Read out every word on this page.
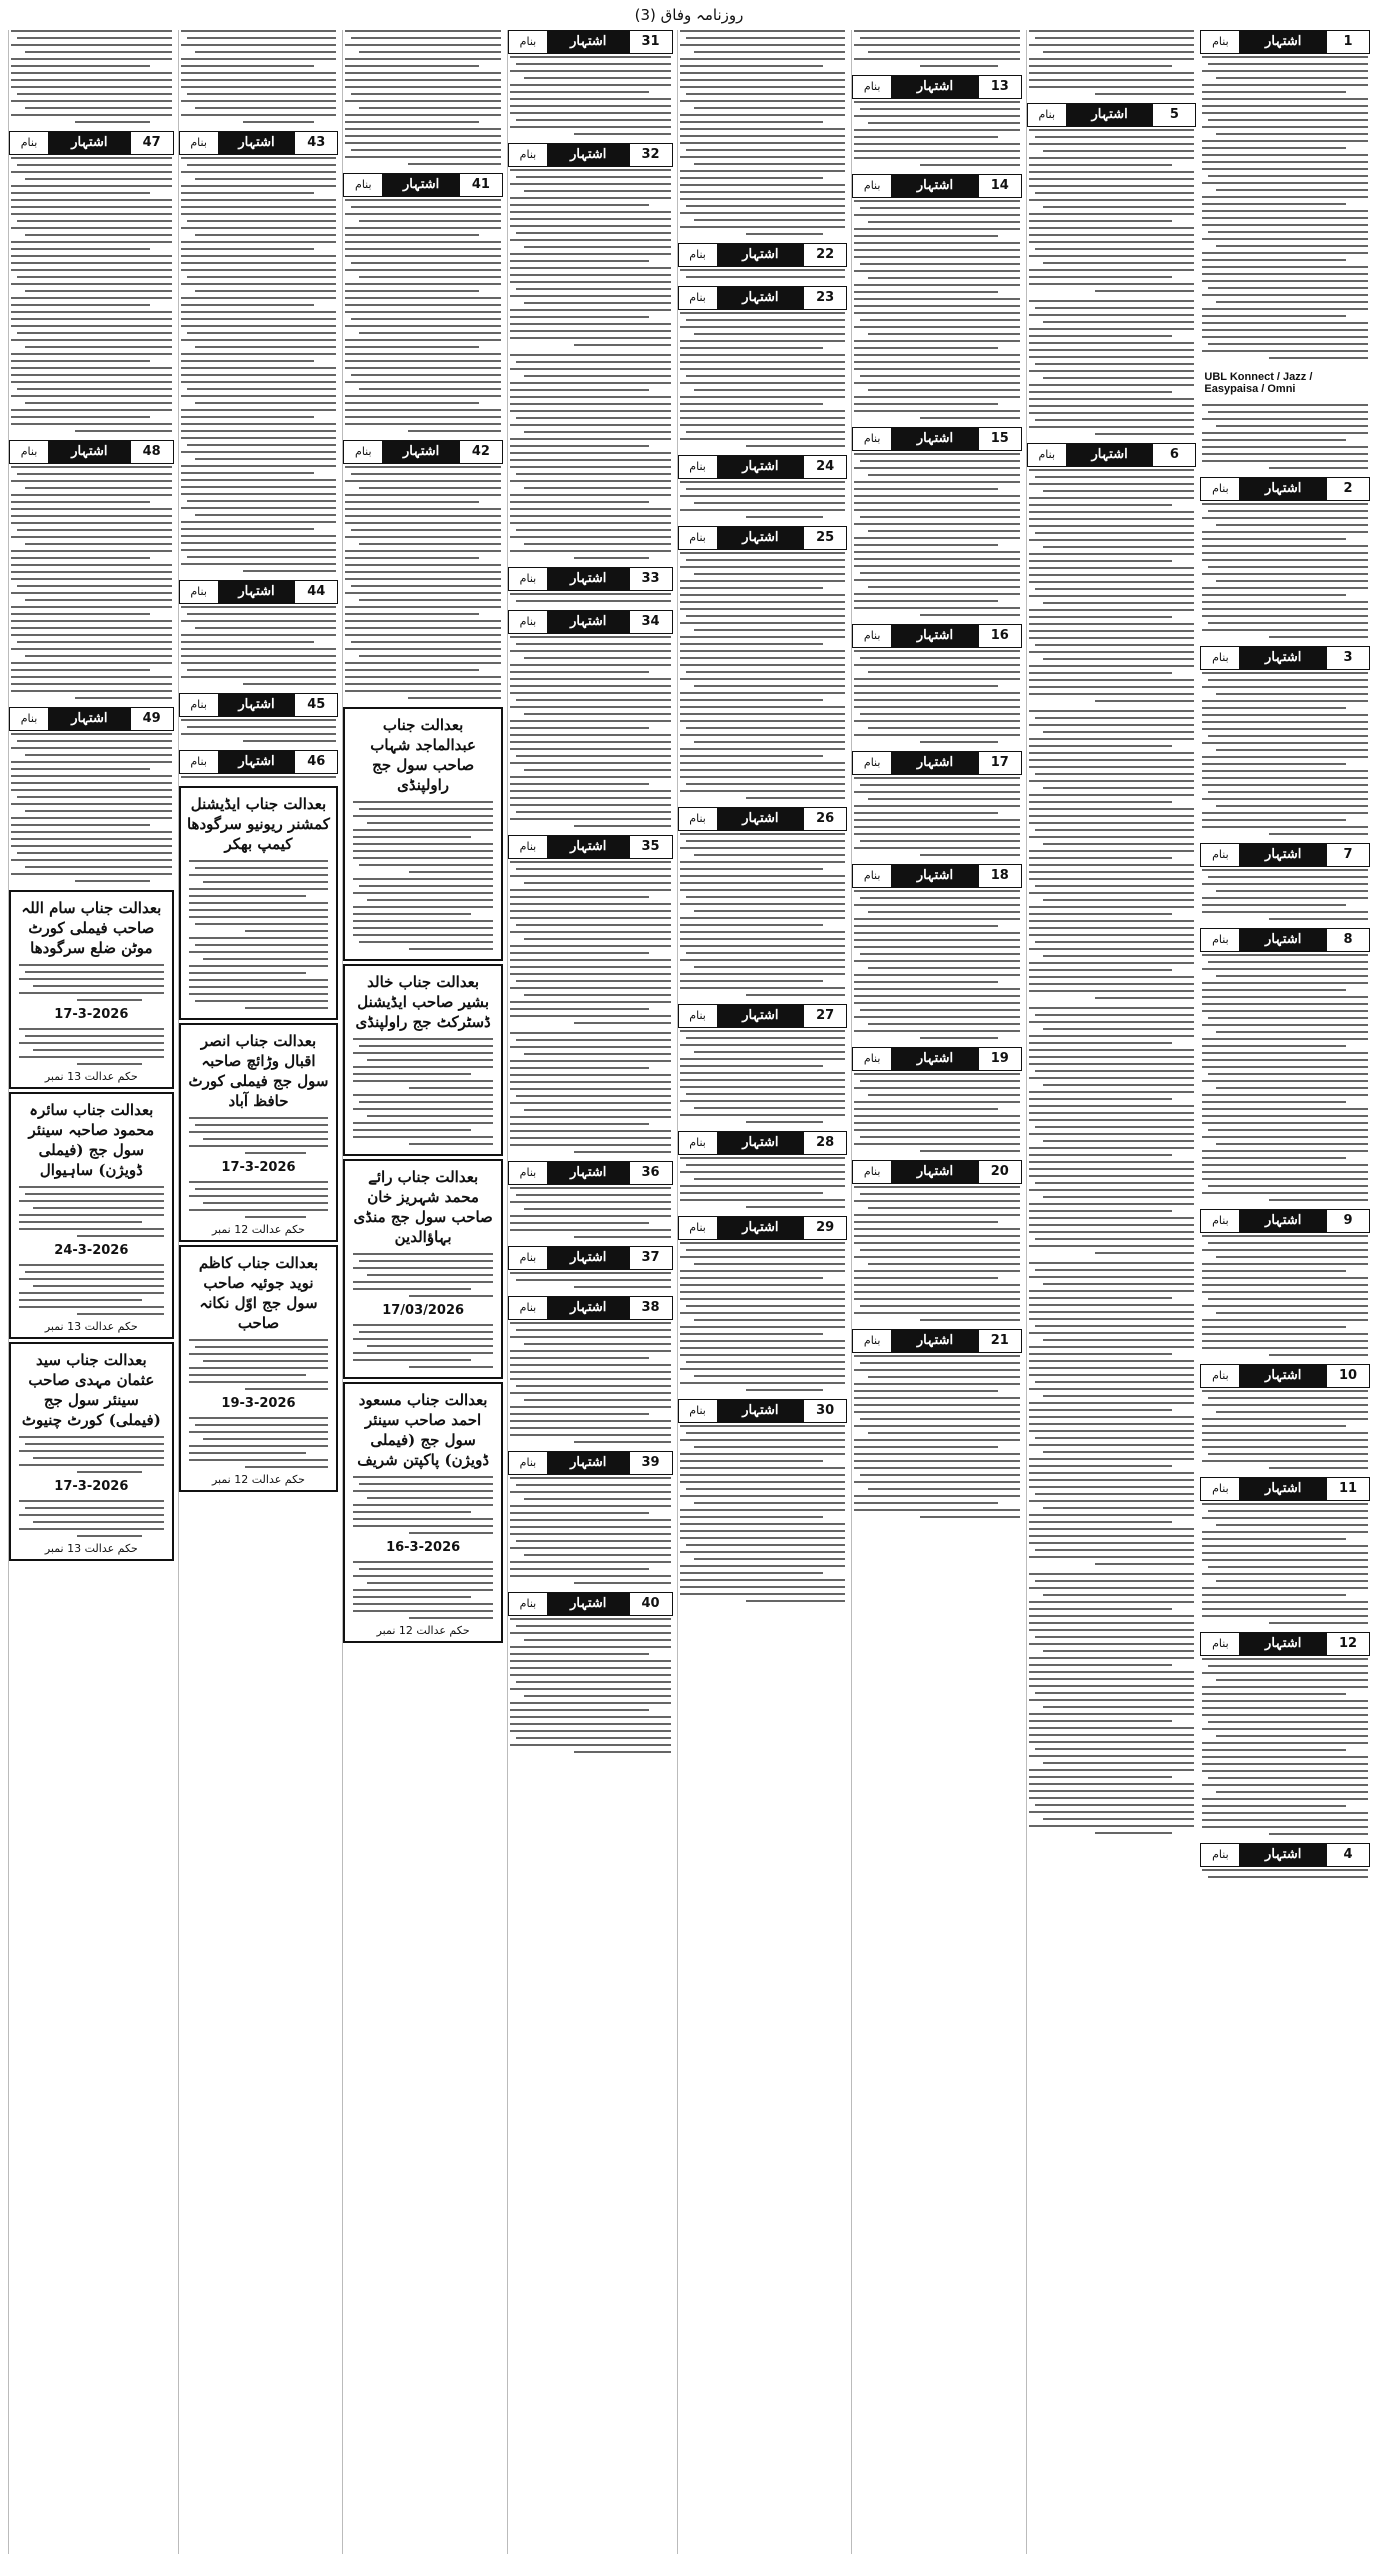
روزنامہ وفاق (3)
بنام	اشتہار	1
UBL Konnect / Jazz / Easypaisa / Omni
بنام	اشتہار	2
بنام	اشتہار	3
بنام	اشتہار	7
بنام	اشتہار	8
بنام	اشتہار	9
بنام	اشتہار	10
بنام	اشتہار	11
بنام	اشتہار	12
بنام	اشتہار	4
بنام	اشتہار	5
بنام	اشتہار	6
بنام	اشتہار	13
بنام	اشتہار	14
بنام	اشتہار	15
بنام	اشتہار	16
بنام	اشتہار	17
بنام	اشتہار	18
بنام	اشتہار	19
بنام	اشتہار	20
بنام	اشتہار	21
بنام	اشتہار	22
بنام	اشتہار	23
بنام	اشتہار	24
بنام	اشتہار	25
بنام	اشتہار	26
بنام	اشتہار	27
بنام	اشتہار	28
بنام	اشتہار	29
بنام	اشتہار	30
بنام	اشتہار	31
بنام	اشتہار	32
بنام	اشتہار	33
بنام	اشتہار	34
بنام	اشتہار	35
بنام	اشتہار	36
بنام	اشتہار	37
بنام	اشتہار	38
بنام	اشتہار	39
بنام	اشتہار	40
بنام	اشتہار	41
بنام	اشتہار	42
بعدالت جناب عبدالماجد شہاب صاحب سول جج راولپنڈی
بعدالت جناب خالد بشیر صاحب ایڈیشنل ڈسٹرکٹ جج راولپنڈی
بعدالت جناب رائے محمد شہریز خان صاحب سول جج منڈی بہاؤالدین
17/03/2026
بعدالت جناب مسعود احمد صاحب سینئر سول جج (فیملی ڈویژن) پاکپتن شریف
16-3-2026
حکم عدالت 12 نمبر
بنام	اشتہار	43
بنام	اشتہار	44
بنام	اشتہار	45
بنام	اشتہار	46
بعدالت جناب ایڈیشنل کمشنر ریونیو سرگودھا کیمپ بھکر
بعدالت جناب انصر اقبال وڑائچ صاحبہ سول جج فیملی کورٹ حافظ آباد
17-3-2026
حکم عدالت 12 نمبر
بعدالت جناب کاظم نوید جوئیہ صاحب سول جج اوّل نکانہ صاحب
19-3-2026
حکم عدالت 12 نمبر
بنام	اشتہار	47
بنام	اشتہار	48
بنام	اشتہار	49
بعدالت جناب سام اللہ صاحب فیملی کورٹ موٹن ضلع سرگودھا
17-3-2026
حکم عدالت 13 نمبر
بعدالت جناب سائرہ محمود صاحبہ سینئر سول جج (فیملی ڈویژن) ساہیوال
24-3-2026
حکم عدالت 13 نمبر
بعدالت جناب سید عثمان مہدی صاحب سینئر سول جج (فیملی) کورٹ چنیوٹ
17-3-2026
حکم عدالت 13 نمبر
